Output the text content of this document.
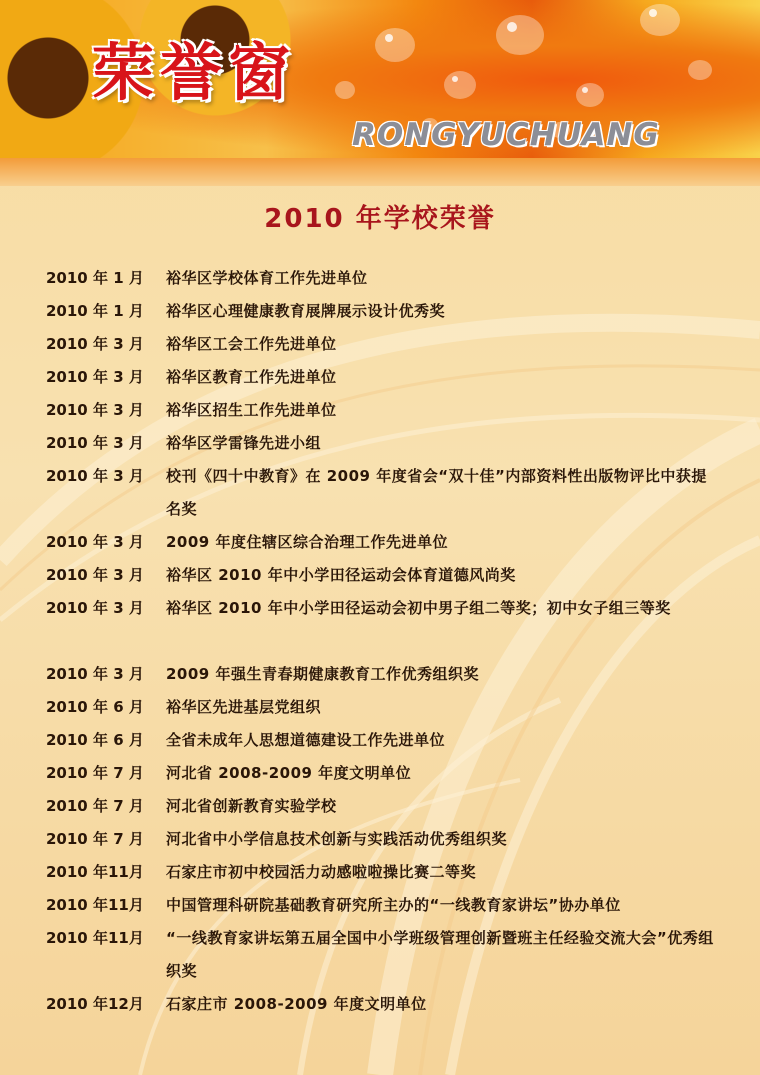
荣誉窗
RONGYUCHUANG
2010 年学校荣誉
2010 年 1 月	裕华区学校体育工作先进单位
2010 年 1 月	裕华区心理健康教育展牌展示设计优秀奖
2010 年 3 月	裕华区工会工作先进单位
2010 年 3 月	裕华区教育工作先进单位
2010 年 3 月	裕华区招生工作先进单位
2010 年 3 月	裕华区学雷锋先进小组
2010 年 3 月	校刊《四十中教育》在 2009 年度省会“双十佳”内部资料性出版物评比中获提名奖
2010 年 3 月	2009 年度住辖区综合治理工作先进单位
2010 年 3 月	裕华区 2010 年中小学田径运动会体育道德风尚奖
2010 年 3 月	裕华区 2010 年中小学田径运动会初中男子组二等奖；初中女子组三等奖
2010 年 3 月	2009 年强生青春期健康教育工作优秀组织奖
2010 年 6 月	裕华区先进基层党组织
2010 年 6 月	全省未成年人思想道德建设工作先进单位
2010 年 7 月	河北省 2008-2009 年度文明单位
2010 年 7 月	河北省创新教育实验学校
2010 年 7 月	河北省中小学信息技术创新与实践活动优秀组织奖
2010 年11月	石家庄市初中校园活力动感啦啦操比赛二等奖
2010 年11月	中国管理科研院基础教育研究所主办的“一线教育家讲坛”协办单位
2010 年11月	“一线教育家讲坛第五届全国中小学班级管理创新暨班主任经验交流大会”优秀组织奖
2010 年12月	石家庄市 2008-2009 年度文明单位
